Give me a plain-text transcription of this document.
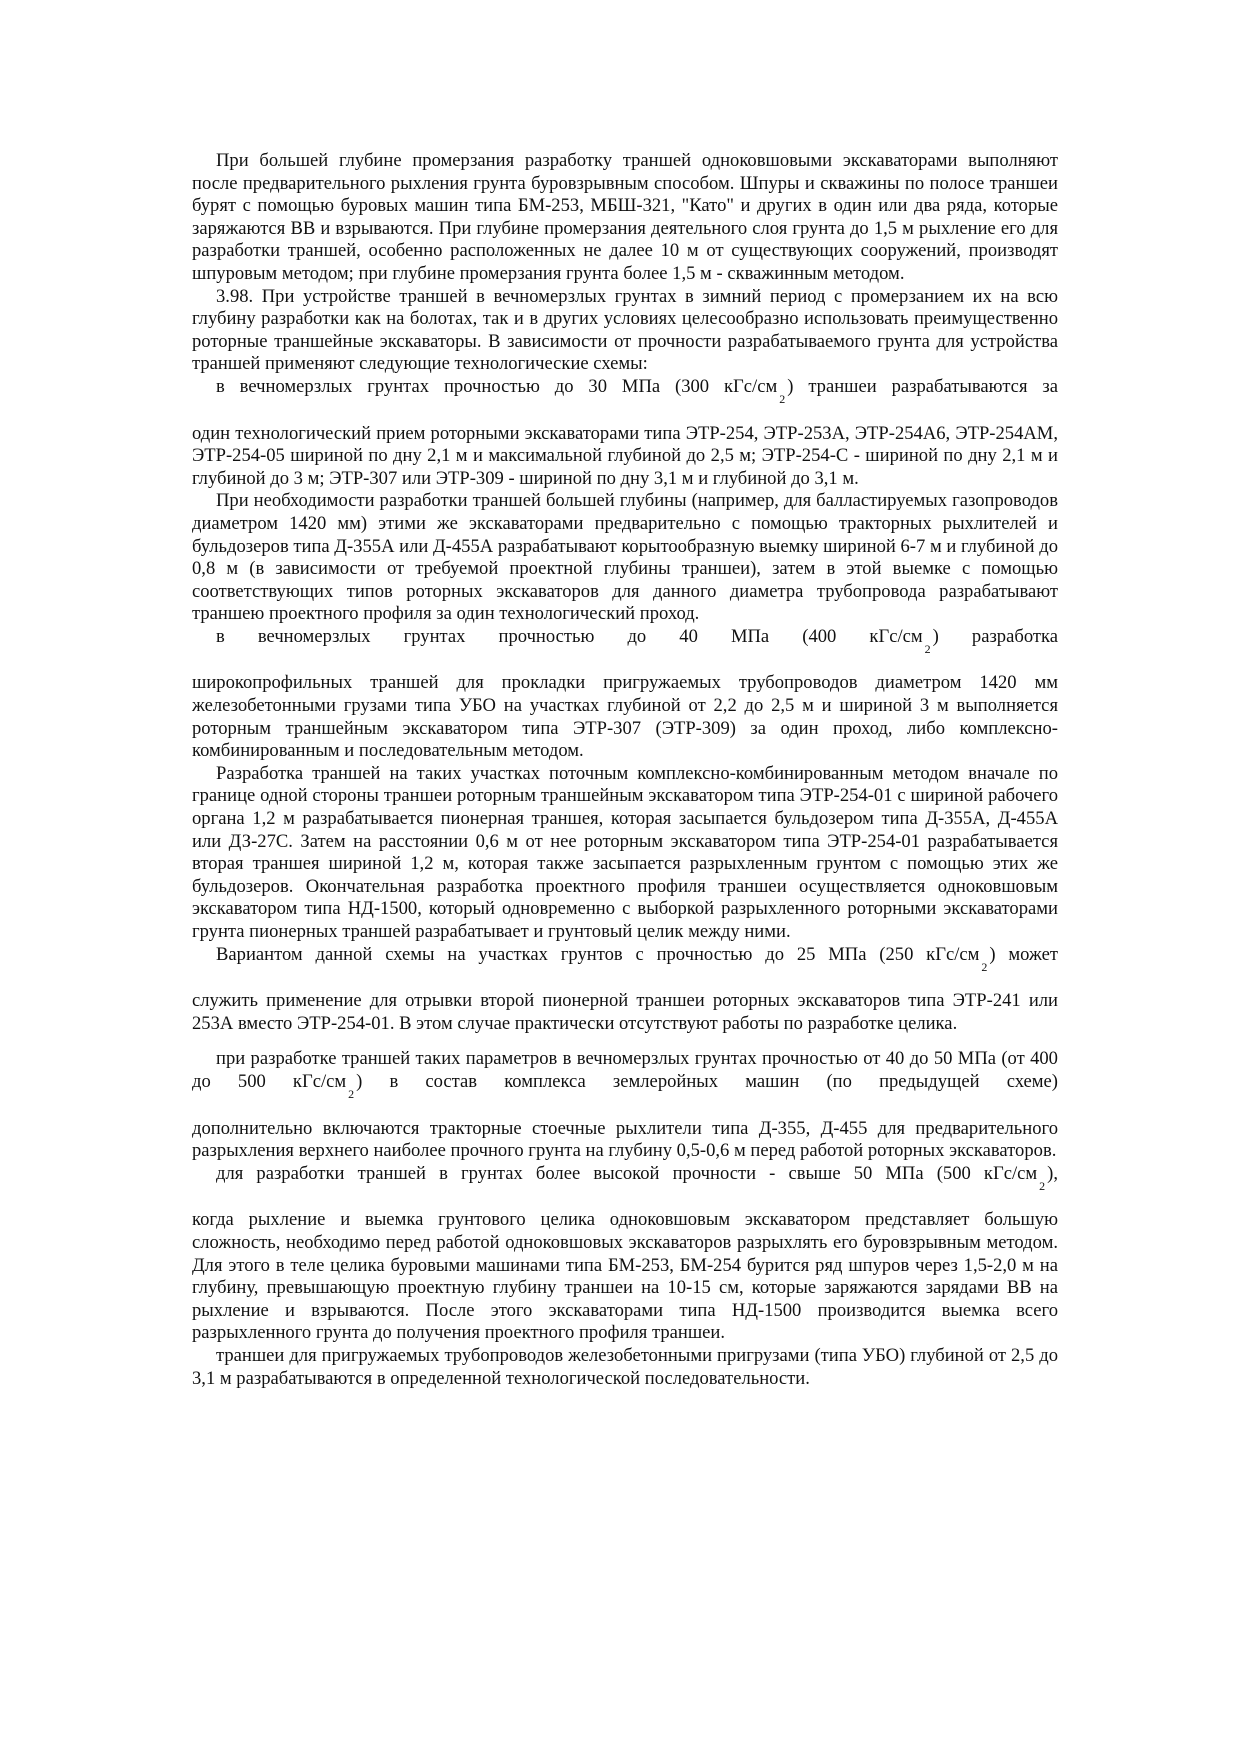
При большей глубине промерзания разработку траншей одноковшовыми экскаваторами выполняют после предварительного рыхления грунта буровзрывным способом. Шпуры и скважины по полосе траншеи бурят с помощью буровых машин типа БМ-253, МБШ-321, "Като" и других в один или два ряда, которые заряжаются ВВ и взрываются. При глубине промерзания деятельного слоя грунта до 1,5 м рыхление его для разработки траншей, особенно расположенных не далее 10 м от существующих сооружений, производят шпуровым методом; при глубине промерзания грунта более 1,5 м - скважинным методом.

3.98. При устройстве траншей в вечномерзлых грунтах в зимний период с промерзанием их на всю глубину разработки как на болотах, так и в других условиях целесообразно использовать преимущественно роторные траншейные экскаваторы. В зависимости от прочности разрабатываемого грунта для устройства траншей применяют следующие технологические схемы:

в вечномерзлых грунтах прочностью до 30 МПа (300 кГс/$см_2$) траншеи разрабатываются за

один технологический прием роторными экскаваторами типа ЭТР-254, ЭТР-253А, ЭТР-254А6, ЭТР-254АМ, ЭТР-254-05 шириной по дну 2,1 м и максимальной глубиной до 2,5 м; ЭТР-254-С - шириной по дну 2,1 м и глубиной до 3 м; ЭТР-307 или ЭТР-309 - шириной по дну 3,1 м и глубиной до 3,1 м.

При необходимости разработки траншей большей глубины (например, для балластируемых газопроводов диаметром 1420 мм) этими же экскаваторами предварительно с помощью тракторных рыхлителей и бульдозеров типа Д-355А или Д-455А разрабатывают корытообразную выемку шириной 6-7 м и глубиной до 0,8 м (в зависимости от требуемой проектной глубины траншеи), затем в этой выемке с помощью соответствующих типов роторных экскаваторов для данного диаметра трубопровода разрабатывают траншею проектного профиля за один технологический проход.

в вечномерзлых грунтах прочностью до 40 МПа (400 кГс/$см_2$) разработка

широкопрофильных траншей для прокладки пригружаемых трубопроводов диаметром 1420 мм железобетонными грузами типа УБО на участках глубиной от 2,2 до 2,5 м и шириной 3 м выполняется роторным траншейным экскаватором типа ЭТР-307 (ЭТР-309) за один проход, либо комплексно-комбинированным и последовательным методом.

Разработка траншей на таких участках поточным комплексно-комбинированным методом вначале по границе одной стороны траншеи роторным траншейным экскаватором типа ЭТР-254-01 с шириной рабочего органа 1,2 м разрабатывается пионерная траншея, которая засыпается бульдозером типа Д-355А, Д-455А или ДЗ-27С. Затем на расстоянии 0,6 м от нее роторным экскаватором типа ЭТР-254-01 разрабатывается вторая траншея шириной 1,2 м, которая также засыпается разрыхленным грунтом с помощью этих же бульдозеров. Окончательная разработка проектного профиля траншеи осуществляется одноковшовым экскаватором типа НД-1500, который одновременно с выборкой разрыхленного роторными экскаваторами грунта пионерных траншей разрабатывает и грунтовый целик между ними.

Вариантом данной схемы на участках грунтов с прочностью до 25 МПа (250 кГс/$см_2$) может

служить применение для отрывки второй пионерной траншеи роторных экскаваторов типа ЭТР-241 или 253А вместо ЭТР-254-01. В этом случае практически отсутствуют работы по разработке целика.

при разработке траншей таких параметров в вечномерзлых грунтах прочностью от 40 до 50 МПа (от 400 до 500 кГс/$см_2$) в состав комплекса землеройных машин (по предыдущей схеме)

дополнительно включаются тракторные стоечные рыхлители типа Д-355, Д-455 для предварительного разрыхления верхнего наиболее прочного грунта на глубину 0,5-0,6 м перед работой роторных экскаваторов.

для разработки траншей в грунтах более высокой прочности - свыше 50 МПа (500 кГс/$см_2$),

когда рыхление и выемка грунтового целика одноковшовым экскаватором представляет большую сложность, необходимо перед работой одноковшовых экскаваторов разрыхлять его буровзрывным методом. Для этого в теле целика буровыми машинами типа БМ-253, БМ-254 бурится ряд шпуров через 1,5-2,0 м на глубину, превышающую проектную глубину траншеи на 10-15 см, которые заряжаются зарядами ВВ на рыхление и взрываются. После этого экскаваторами типа НД-1500 производится выемка всего разрыхленного грунта до получения проектного профиля траншеи.

траншеи для пригружаемых трубопроводов железобетонными пригрузами (типа УБО) глубиной от 2,5 до 3,1 м разрабатываются в определенной технологической последовательности.
